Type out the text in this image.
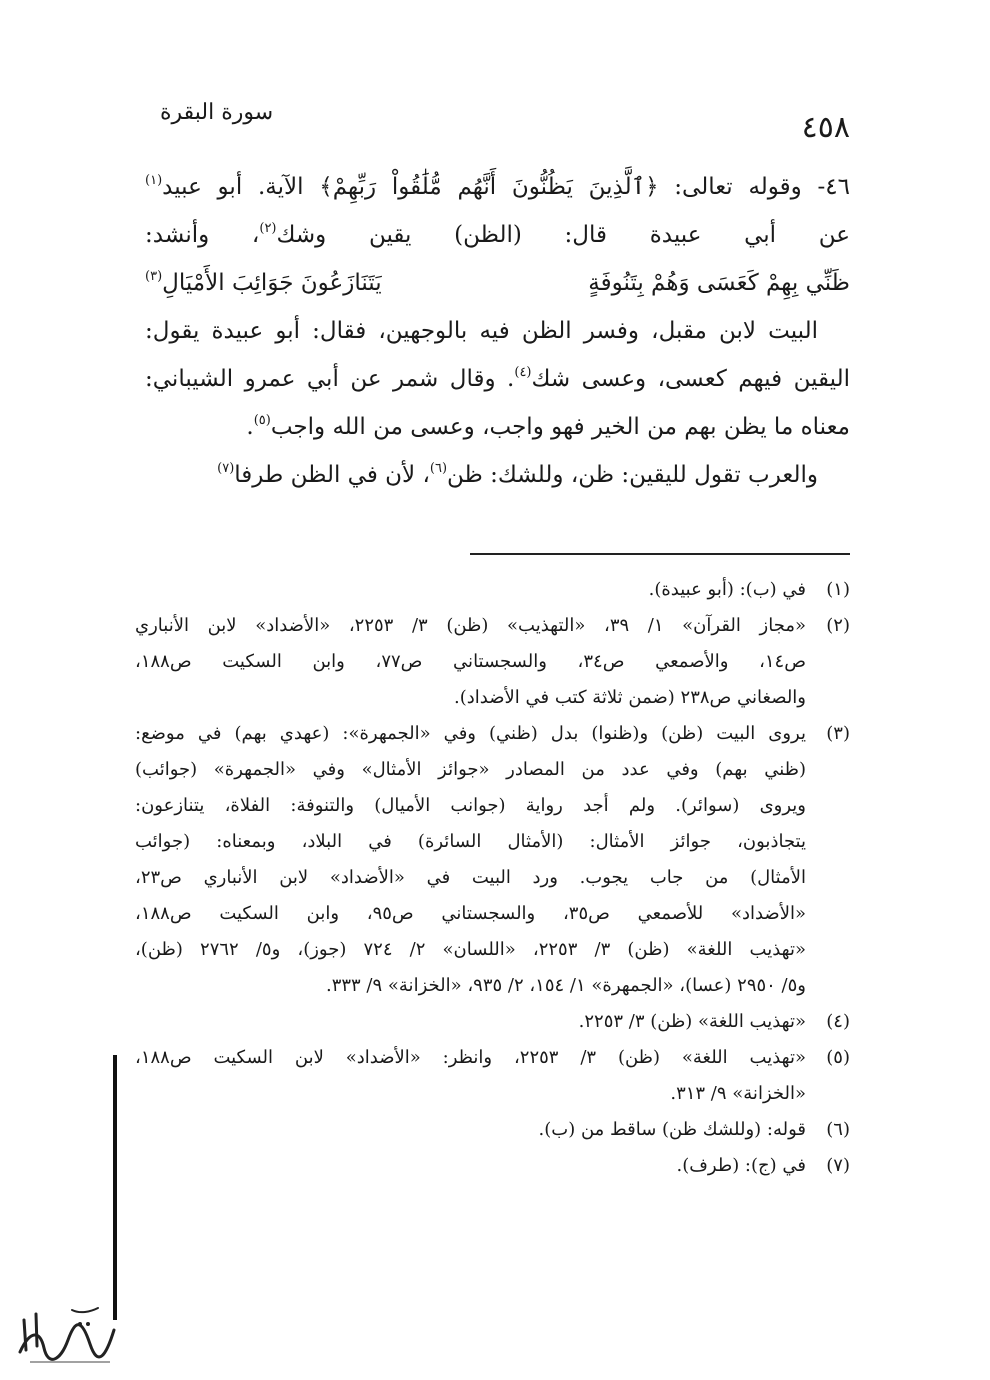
سورة البقرة	٤٥٨
٤٦- وقوله تعالى: ﴿ٱلَّذِينَ يَظُنُّونَ أَنَّهُم مُّلَٰقُواْ رَبِّهِمْ﴾ الآية. أبو عبيد$^{(١)}$
عن أبي عبيدة قال: (الظن) يقين وشك$^{(٢)}$، وأنشد:
ظَنِّي بِهِمْ كَعَسَى وَهُمْ بِتَنُوفَةٍ
يَتَنَازَعُونَ جَوَائِبَ الأَمْيَالِ$^{(٣)}$
البيت لابن مقبل، وفسر الظن فيه بالوجهين، فقال: أبو عبيدة يقول:
اليقين فيهم كعسى، وعسى شك$^{(٤)}$. وقال شمر عن أبي عمرو الشيباني:
معناه ما يظن بهم من الخير فهو واجب، وعسى من الله واجب$^{(٥)}$.
والعرب تقول لليقين: ظن، وللشك: ظن$^{(٦)}$، لأن في الظن طرفا$^{(٧)}$
(١)
في (ب): (أبو عبيدة).
(٢)
«مجاز القرآن» ١/ ٣٩، «التهذيب» (ظن) ٣/ ٢٢٥٣، «الأضداد» لابن الأنباري
ص١٤، والأصمعي ص٣٤، والسجستاني ص٧٧، وابن السكيت ص١٨٨،
والصغاني ص٢٣٨ (ضمن ثلاثة كتب في الأضداد).
(٣)
يروى البيت (ظن) و(ظنوا) بدل (ظني) وفي «الجمهرة»: (عهدي بهم) في موضع:
(ظني بهم) وفي عدد من المصادر «جوائز الأمثال» وفي «الجمهرة» (جوائب)
ويروى (سوائر). ولم أجد رواية (جوانب الأميال) والتنوفة: الفلاة، يتنازعون:
يتجاذبون، جوائز الأمثال: (الأمثال السائرة) في البلاد، وبمعناه: (جوائب
الأمثال) من جاب يجوب. ورد البيت في «الأضداد» لابن الأنباري ص٢٣،
«الأضداد» للأصمعي ص٣٥، والسجستاني ص٩٥، وابن السكيت ص١٨٨،
«تهذيب اللغة» (ظن) ٣/ ٢٢٥٣، «اللسان» ٢/ ٧٢٤ (جوز)، و٥/ ٢٧٦٢ (ظن)،
و٥/ ٢٩٥٠ (عسا)، «الجمهرة» ١/ ١٥٤، ٢/ ٩٣٥، «الخزانة» ٩/ ٣٣٣.
(٤)
«تهذيب اللغة» (ظن) ٣/ ٢٢٥٣.
(٥)
«تهذيب اللغة» (ظن) ٣/ ٢٢٥٣، وانظر: «الأضداد» لابن السكيت ص١٨٨،
«الخزانة» ٩/ ٣١٣.
(٦)
قوله: (وللشك ظن) ساقط من (ب).
(٧)
في (ج): (طرف).
